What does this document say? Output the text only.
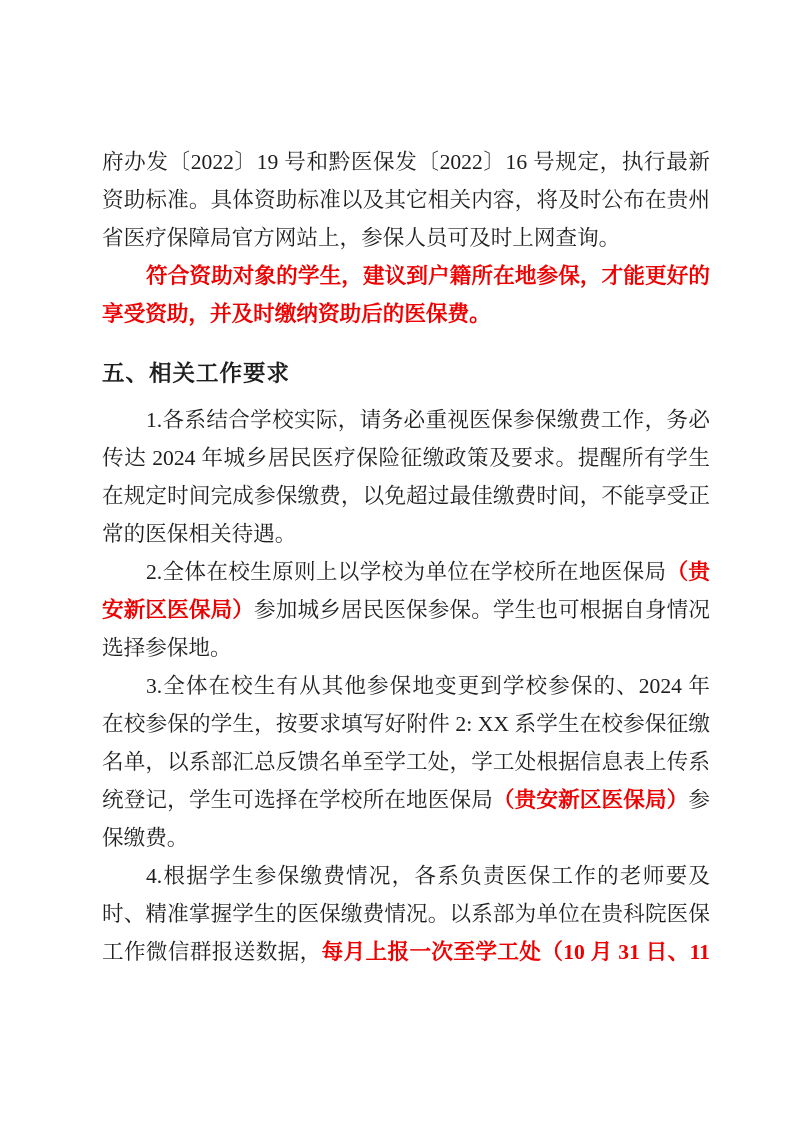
府办发〔2022〕19 号和黔医保发〔2022〕16 号规定，执行最新
资助标准。具体资助标准以及其它相关内容，将及时公布在贵州
省医疗保障局官方网站上，参保人员可及时上网查询。
符合资助对象的学生，建议到户籍所在地参保，才能更好的
享受资助，并及时缴纳资助后的医保费。
五、相关工作要求
1.各系结合学校实际，请务必重视医保参保缴费工作，务必
传达 2024 年城乡居民医疗保险征缴政策及要求。提醒所有学生
在规定时间完成参保缴费，以免超过最佳缴费时间，不能享受正
常的医保相关待遇。
2.全体在校生原则上以学校为单位在学校所在地医保局（贵
安新区医保局）参加城乡居民医保参保。学生也可根据自身情况
选择参保地。
3.全体在校生有从其他参保地变更到学校参保的、2024 年
在校参保的学生，按要求填写好附件 2: XX 系学生在校参保征缴
名单，以系部汇总反馈名单至学工处，学工处根据信息表上传系
统登记，学生可选择在学校所在地医保局（贵安新区医保局）参
保缴费。
4.根据学生参保缴费情况，各系负责医保工作的老师要及
时、精准掌握学生的医保缴费情况。以系部为单位在贵科院医保
工作微信群报送数据，每月上报一次至学工处（10 月 31 日、11
